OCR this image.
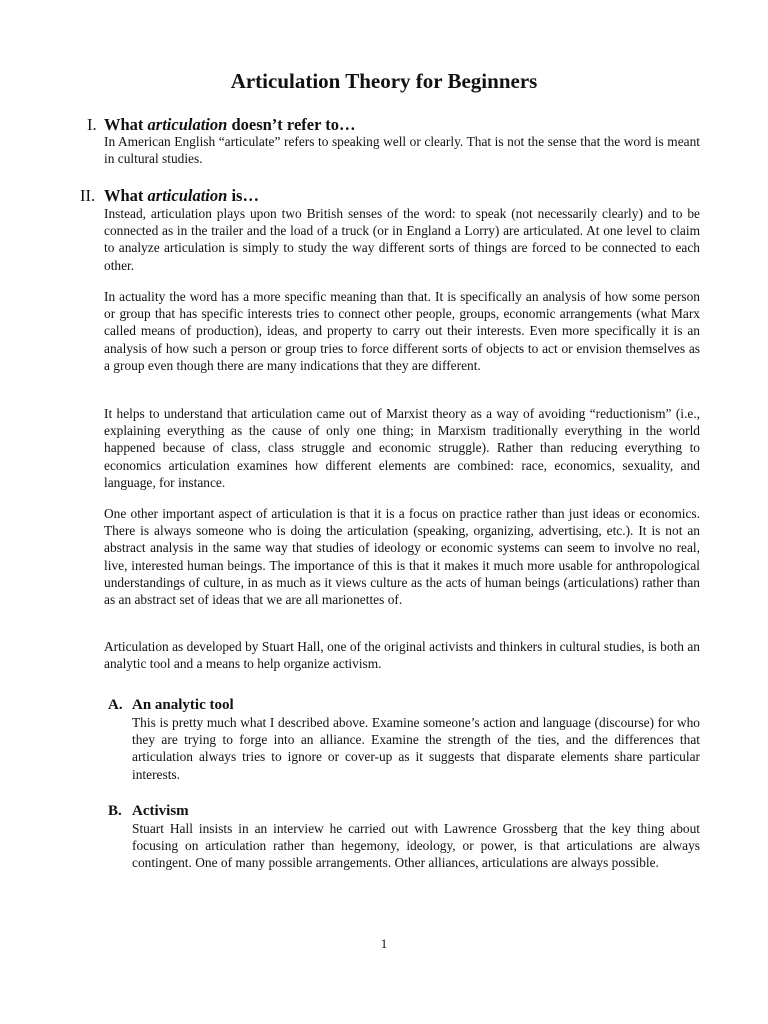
Articulation Theory for Beginners
I. What articulation doesn’t refer to…

In American English “articulate” refers to speaking well or clearly. That is not the sense that the word is meant in cultural studies.

II. What articulation is…

Instead, articulation plays upon two British senses of the word: to speak (not necessarily clearly) and to be connected as in the trailer and the load of a truck (or in England a Lorry) are articulated. At one level to claim to analyze articulation is simply to study the way different sorts of things are forced to be connected to each other.

In actuality the word has a more specific meaning than that. It is specifically an analysis of how some person or group that has specific interests tries to connect other people, groups, economic arrangements (what Marx called means of production), ideas, and property to carry out their interests. Even more specifically it is an analysis of how such a person or group tries to force different sorts of objects to act or envision themselves as a group even though there are many indications that they are different.

It helps to understand that articulation came out of Marxist theory as a way of avoiding “reductionism” (i.e., explaining everything as the cause of only one thing; in Marxism traditionally everything in the world happened because of class, class struggle and economic struggle). Rather than reducing everything to economics articulation examines how different elements are combined: race, economics, sexuality, and language, for instance.

One other important aspect of articulation is that it is a focus on practice rather than just ideas or economics. There is always someone who is doing the articulation (speaking, organizing, advertising, etc.). It is not an abstract analysis in the same way that studies of ideology or economic systems can seem to involve no real, live, interested human beings. The importance of this is that it makes it much more usable for anthropological understandings of culture, in as much as it views culture as the acts of human beings (articulations) rather than as an abstract set of ideas that we are all marionettes of.

Articulation as developed by Stuart Hall, one of the original activists and thinkers in cultural studies, is both an analytic tool and a means to help organize activism.

A. An analytic tool

This is pretty much what I described above. Examine someone’s action and language (discourse) for who they are trying to forge into an alliance. Examine the strength of the ties, and the differences that articulation always tries to ignore or cover-up as it suggests that disparate elements share particular interests.

B. Activism

Stuart Hall insists in an interview he carried out with Lawrence Grossberg that the key thing about focusing on articulation rather than hegemony, ideology, or power, is that articulations are always contingent. One of many possible arrangements. Other alliances, articulations are always possible.

1
